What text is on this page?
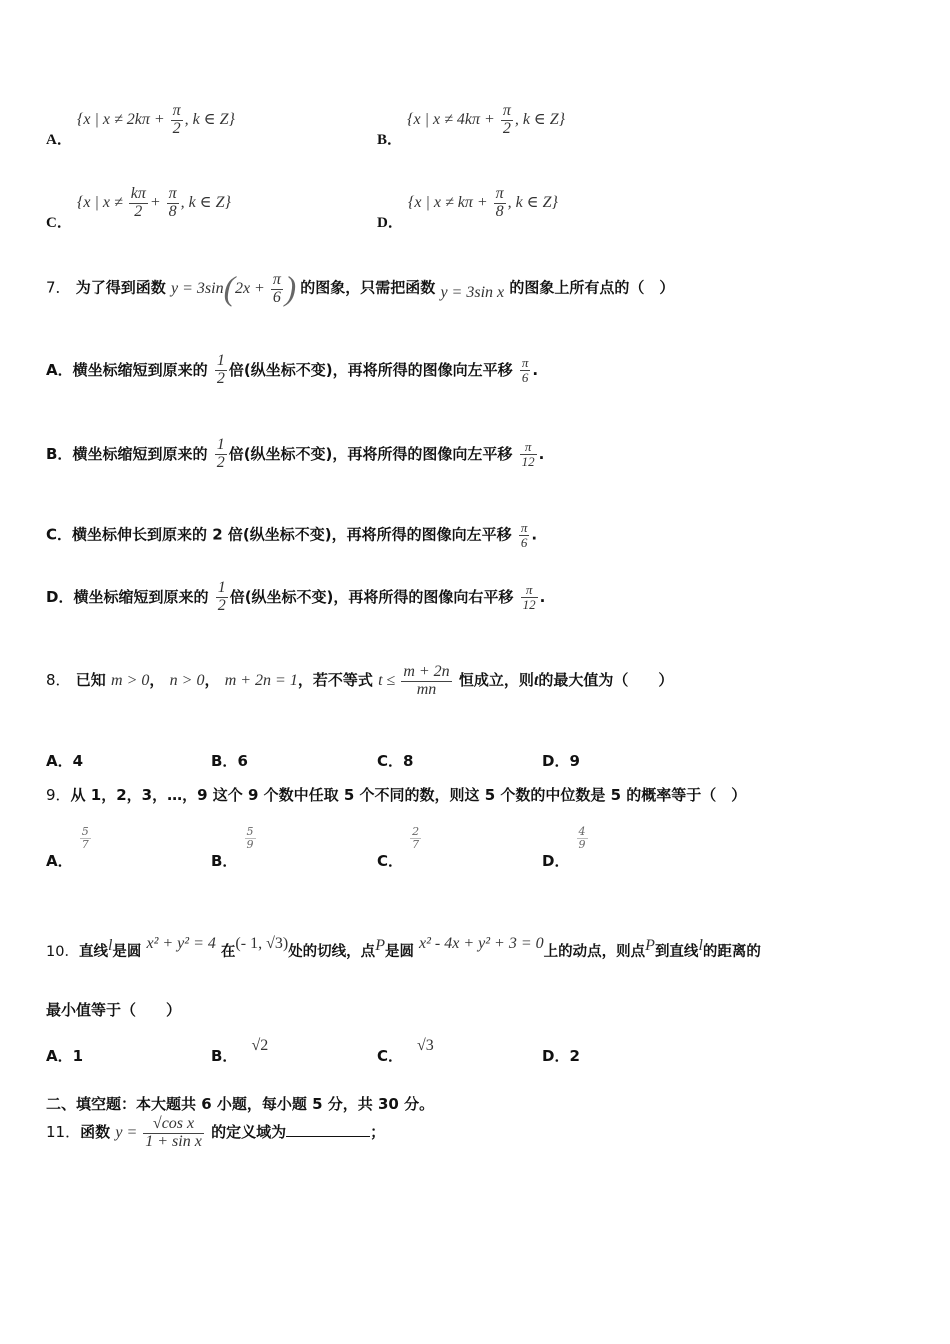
A． {x | $x \ne 2k\pi + \frac{\pi}{2}$ , k ∈ Z}
B． {x | $x \ne 4k\pi + \frac{\pi}{2}$ , k ∈ Z}
C． {x | $x \ne \frac{k\pi}{2} + \frac{\pi}{8}$ , k ∈ Z}
D． {x | $x \ne k\pi + \frac{\pi}{8}$ , k ∈ Z}
7． 为了得到函数 $y = 3\sin(2x + \frac{\pi}{6}$ ) 的图象，只需把函数 y = 3sin x 的图象上所有点的（　）
A．横坐标缩短到原来的 $\frac{1}{2}$ 倍(纵坐标不变)，再将所得的图像向左平移 $\frac{\pi}{6}$ .
B．横坐标缩短到原来的 $\frac{1}{2}$ 倍(纵坐标不变)，再将所得的图像向左平移 $\frac{\pi}{12}$ .
C．横坐标伸长到原来的 2 倍(纵坐标不变)，再将所得的图像向左平移 $\frac{\pi}{6}$ .
D．横坐标缩短到原来的 $\frac{1}{2}$ 倍(纵坐标不变)，再将所得的图像向右平移 $\frac{\pi}{12}$ .
8． 已知 m > 0， n > 0， m + 2n = 1，若不等式 $t \le \frac{m + 2n}{mn}$ 恒成立，则t的最大值为（　　）
A．4	B．6	C．8	D．9
9．从 1，2，3，…，9 这个 9 个数中任取 5 个不同的数，则这 5 个数的中位数是 5 的概率等于（　）
A．
$\frac{5}{7}$
B．
$\frac{5}{9}$
C．
$\frac{2}{7}$
D．
$\frac{4}{9}$
10．直线l是圆 x² + y² = 4 在(- 1, √3)处的切线，点P是圆 x² - 4x + y² + 3 = 0上的动点，则点P到直线l的距离的
最小值等于（　　）
A．1	B．√2
C．√3
D．2
二、填空题：本大题共 6 小题，每小题 5 分，共 30 分。
11．函数 $y = \frac{\text{√cos x}}{\text{1 + sin x}}$ 的定义域为	；
